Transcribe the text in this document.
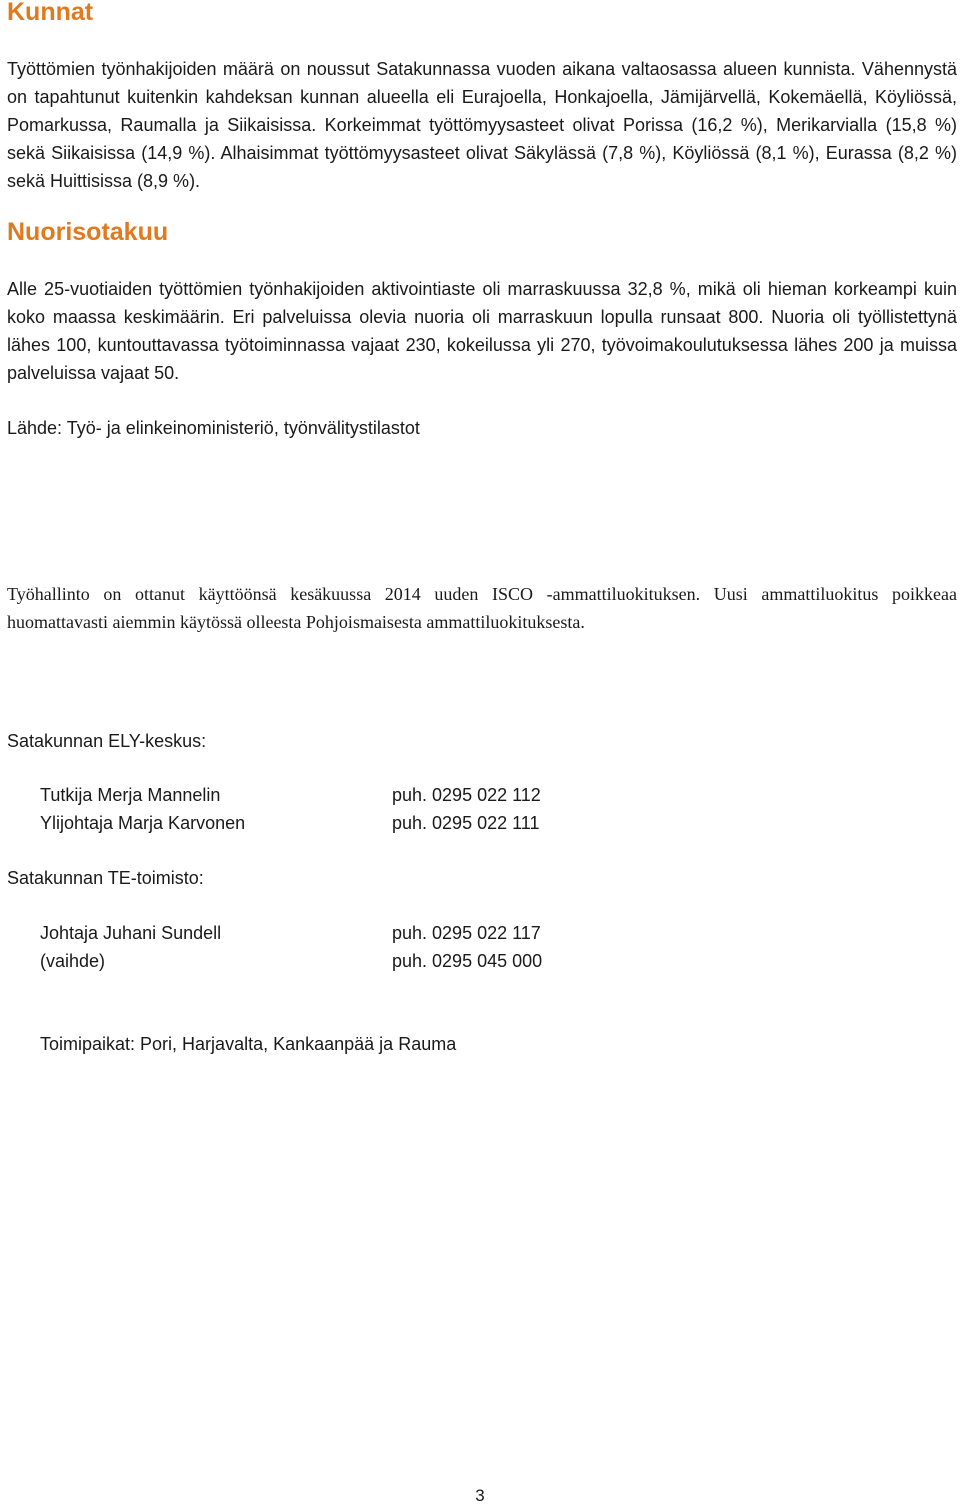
Kunnat

Työttömien työnhakijoiden määrä on noussut Satakunnassa vuoden aikana valtaosassa alueen kunnista. Vähennystä on tapahtunut kuitenkin kahdeksan kunnan alueella eli Eurajoella, Honkajoella, Jämijärvellä, Kokemäellä, Köyliössä, Pomarkussa, Raumalla ja Siikaisissa. Korkeimmat työttömyysasteet olivat Porissa (16,2 %), Merikarvialla (15,8 %) sekä Siikaisissa (14,9 %). Alhaisimmat työttömyysasteet olivat Säkylässä (7,8 %), Köyliössä (8,1 %), Eurassa (8,2 %) sekä Huittisissa (8,9 %).

Nuorisotakuu

Alle 25-vuotiaiden työttömien työnhakijoiden aktivointiaste oli marraskuussa 32,8 %, mikä oli hieman korkeampi kuin koko maassa keskimäärin. Eri palveluissa olevia nuoria oli marraskuun lopulla runsaat 800. Nuoria oli työllistettynä lähes 100, kuntouttavassa työtoiminnassa vajaat 230, kokeilussa yli 270, työvoimakoulutuksessa lähes 200 ja muissa palveluissa vajaat 50.

Lähde: Työ- ja elinkeinoministeriö, työnvälitystilastot

Työhallinto on ottanut käyttöönsä kesäkuussa 2014 uuden ISCO -ammattiluokituksen. Uusi ammattiluokitus poikkeaa huomattavasti aiemmin käytössä olleesta Pohjoismaisesta ammattiluokituksesta.

Satakunnan ELY-keskus:

Tutkija Merja Mannelin	puh. 0295 022 112

Ylijohtaja Marja Karvonen	puh. 0295 022 111

Satakunnan TE-toimisto:

Johtaja Juhani Sundell	puh. 0295 022 117

(vaihde)	puh. 0295 045 000

Toimipaikat: Pori, Harjavalta, Kankaanpää ja Rauma

3
